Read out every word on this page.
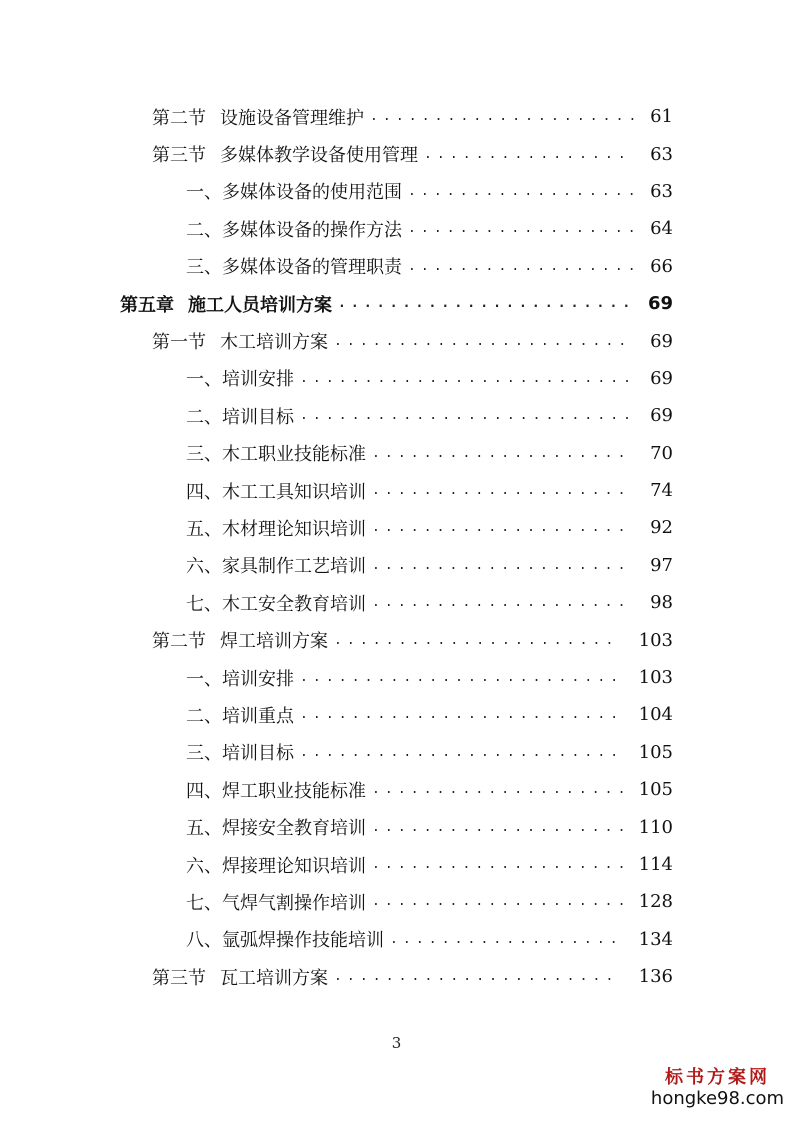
第二节 设施设备管理维护 ..................... 61
第三节 多媒体教学设备使用管理 ................	63
一、 多媒体设备的使用范围 .................. 63
二、 多媒体设备的操作方法 .................. 64
三、 多媒体设备的管理职责 .................. 66
第五章 施工人员培训方案 ....................... 69
第一节 木工培训方案 .......................	69
一、 培训安排 .......................... 69
二、 培训目标 .......................... 69
三、 木工职业技能标准 ....................	70
四、 木工工具知识培训 ....................	74
五、 木材理论知识培训 ....................	92
六、 家具制作工艺培训 ....................	97
七、 木工安全教育培训 ....................	98
第二节 焊工培训方案 ......................	103
一、 培训安排 ......................... 103
二、 培训重点 ......................... 104
三、 培训目标 ......................... 105
四、 焊工职业技能标准 .................... 105
五、 焊接安全教育培训 .................... 110
六、 焊接理论知识培训 .................... 114
七、 气焊气割操作培训 .................... 128
八、 氩弧焊操作技能培训 .................. 134
第三节 瓦工培训方案 ......................	136
3
标书方案网
hongke98.com
